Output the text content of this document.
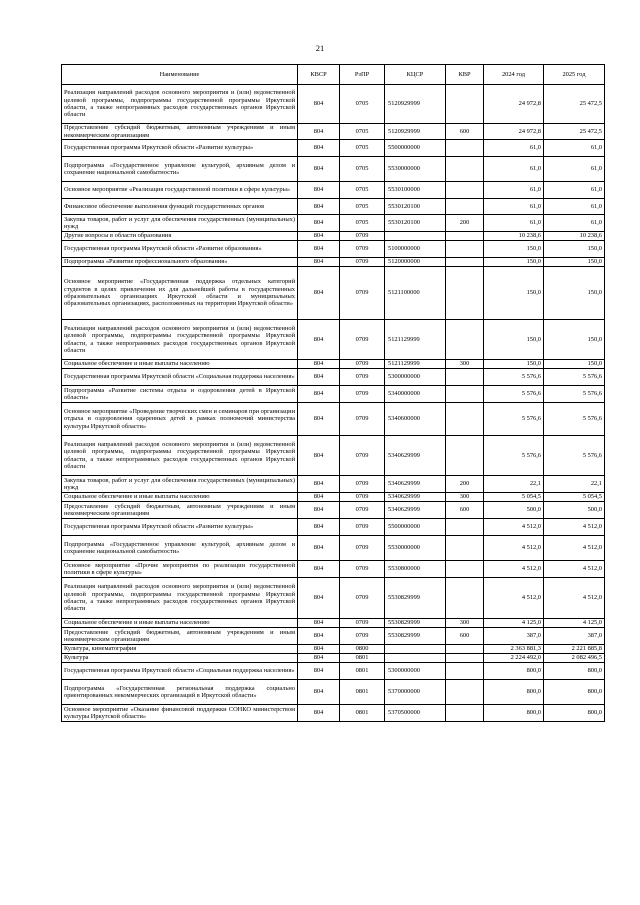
21
Наименование	КВСР	РзПР	КЦСР	КВР	2024 год	2025 год
Реализация направлений расходов основного мероприятия и (или) ведомственной целевой программы, подпрограммы государственной программы Иркутской области, а также непрограммных расходов государственных органов Иркутской области	804	0705	5120929999		24 972,8	25 472,5
Предоставление субсидий бюджетным, автономным учреждениям и иным некоммерческим организациям	804	0705	5120929999	600	24 972,8	25 472,5
Государственная программа Иркутской области «Развитие культуры»	804	0705	5500000000		61,0	61,0
Подпрограмма «Государственное управление культурой, архивным делом и сохранение национальной самобытности»	804	0705	5530000000		61,0	61,0
Основное мероприятие «Реализация государственной политики в сфере культуры»	804	0705	5530100000		61,0	61,0
Финансовое обеспечение выполнения функций государственных органов	804	0705	5530120100		61,0	61,0
Закупка товаров, работ и услуг для обеспечения государственных (муниципальных) нужд	804	0705	5530120100	200	61,0	61,0
Другие вопросы в области образования	804	0709			10 238,6	10 238,6
Государственная программа Иркутской области «Развитие образования»	804	0709	5100000000		150,0	150,0
Подпрограмма «Развитие профессионального образования»	804	0709	5120000000		150,0	150,0
Основное мероприятие «Государственная поддержка отдельных категорий студентов в целях привлечения их для дальнейшей работы в государственных образовательных организациях Иркутской области и муниципальных образовательных организациях, расположенных на территории Иркутской области»	804	0709	5121100000		150,0	150,0
Реализация направлений расходов основного мероприятия и (или) ведомственной целевой программы, подпрограммы государственной программы Иркутской области, а также непрограммных расходов государственных органов Иркутской области	804	0709	5121129999		150,0	150,0
Социальное обеспечение и иные выплаты населению	804	0709	5121129999	300	150,0	150,0
Государственная программа Иркутской области «Социальная поддержка населения»	804	0709	5300000000		5 576,6	5 576,6
Подпрограмма «Развитие системы отдыха и оздоровления детей в Иркутской области»	804	0709	5340000000		5 576,6	5 576,6
Основное мероприятие «Проведение творческих смен и семинаров при организации отдыха и оздоровления одаренных детей в рамках полномочий министерства культуры Иркутской области»	804	0709	5340600000		5 576,6	5 576,6
Реализация направлений расходов основного мероприятия и (или) ведомственной целевой программы, подпрограммы государственной программы Иркутской области, а также непрограммных расходов государственных органов Иркутской области	804	0709	5340629999		5 576,6	5 576,6
Закупка товаров, работ и услуг для обеспечения государственных (муниципальных) нужд	804	0709	5340629999	200	22,1	22,1
Социальное обеспечение и иные выплаты населению	804	0709	5340629999	300	5 054,5	5 054,5
Предоставление субсидий бюджетным, автономным учреждениям и иным некоммерческим организациям	804	0709	5340629999	600	500,0	500,0
Государственная программа Иркутской области «Развитие культуры»	804	0709	5500000000		4 512,0	4 512,0
Подпрограмма «Государственное управление культурой, архивным делом и сохранение национальной самобытности»	804	0709	5530000000		4 512,0	4 512,0
Основное мероприятие «Прочие мероприятия по реализации государственной политики в сфере культуры»	804	0709	5530800000		4 512,0	4 512,0
Реализация направлений расходов основного мероприятия и (или) ведомственной целевой программы, подпрограммы государственной программы Иркутской области, а также непрограммных расходов государственных органов Иркутской области	804	0709	5530829999		4 512,0	4 512,0
Социальное обеспечение и иные выплаты населению	804	0709	5530829999	300	4 125,0	4 125,0
Предоставление субсидий бюджетным, автономным учреждениям и иным некоммерческим организациям	804	0709	5530829999	600	387,0	387,0
Культура, кинематография	804	0800			2 363 881,3	2 221 885,8
Культура	804	0801			2 224 492,0	2 082 496,5
Государственная программа Иркутской области «Социальная поддержка населения»	804	0801	5300000000		800,0	800,0
Подпрограмма «Государственная региональная поддержка социально ориентированных некоммерческих организаций в Иркутской области»	804	0801	5370000000		800,0	800,0
Основное мероприятие «Оказание финансовой поддержки СОНКО министерством культуры Иркутской области»	804	0801	5370500000		800,0	800,0
